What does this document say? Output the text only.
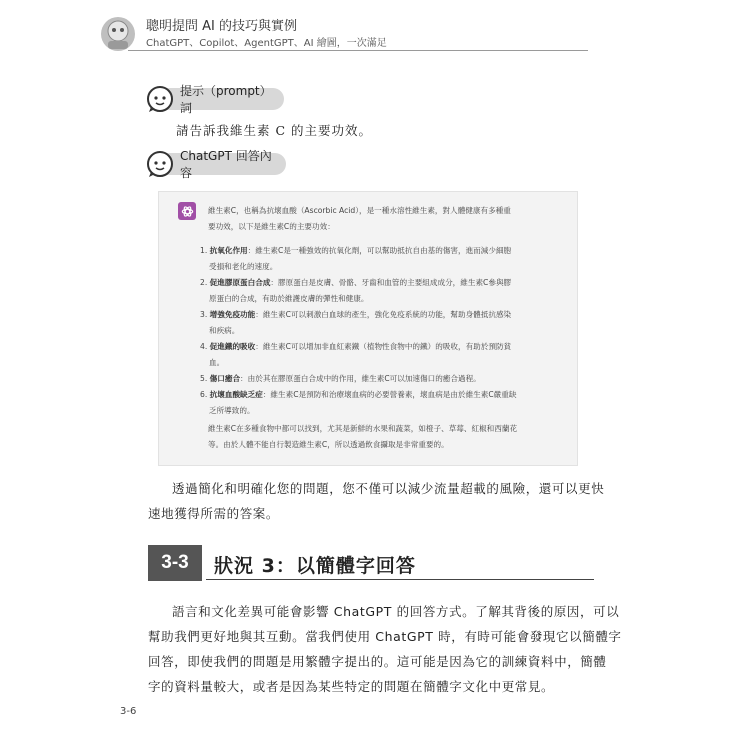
聰明提問 AI 的技巧與實例
ChatGPT、Copilot、AgentGPT、AI 繪圖，一次滿足
提示（prompt）詞
請告訴我維生素 C 的主要功效。
ChatGPT 回答內容
維生素C，也稱為抗壞血酸（Ascorbic Acid），是一種水溶性維生素，對人體健康有多種重
要功效，以下是維生素C的主要功效：
1. 抗氧化作用：維生素C是一種強效的抗氧化劑，可以幫助抵抗自由基的傷害，進而減少細胞
受損和老化的速度。
2. 促進膠原蛋白合成：膠原蛋白是皮膚、骨骼、牙齒和血管的主要組成成分，維生素C參與膠
原蛋白的合成，有助於維護皮膚的彈性和健康。
3. 增強免疫功能：維生素C可以刺激白血球的產生，強化免疫系統的功能，幫助身體抵抗感染
和疾病。
4. 促進鐵的吸收：維生素C可以增加非血紅素鐵（植物性食物中的鐵）的吸收，有助於預防貧
血。
5. 傷口癒合：由於其在膠原蛋白合成中的作用，維生素C可以加速傷口的癒合過程。
6. 抗壞血酸缺乏症：維生素C是預防和治療壞血病的必要營養素，壞血病是由於維生素C嚴重缺
乏所導致的。
維生素C在多種食物中都可以找到，尤其是新鮮的水果和蔬菜，如橙子、草莓、紅椒和西蘭花
等。由於人體不能自行製造維生素C，所以透過飲食攝取是非常重要的。
透過簡化和明確化您的問題，您不僅可以減少流量超載的風險，還可以更快
速地獲得所需的答案。
3-3	狀況 3：以簡體字回答
語言和文化差異可能會影響 ChatGPT 的回答方式。了解其背後的原因，可以
幫助我們更好地與其互動。當我們使用 ChatGPT 時，有時可能會發現它以簡體字
回答，即使我們的問題是用繁體字提出的。這可能是因為它的訓練資料中，簡體
字的資料量較大，或者是因為某些特定的問題在簡體字文化中更常見。
3-6
